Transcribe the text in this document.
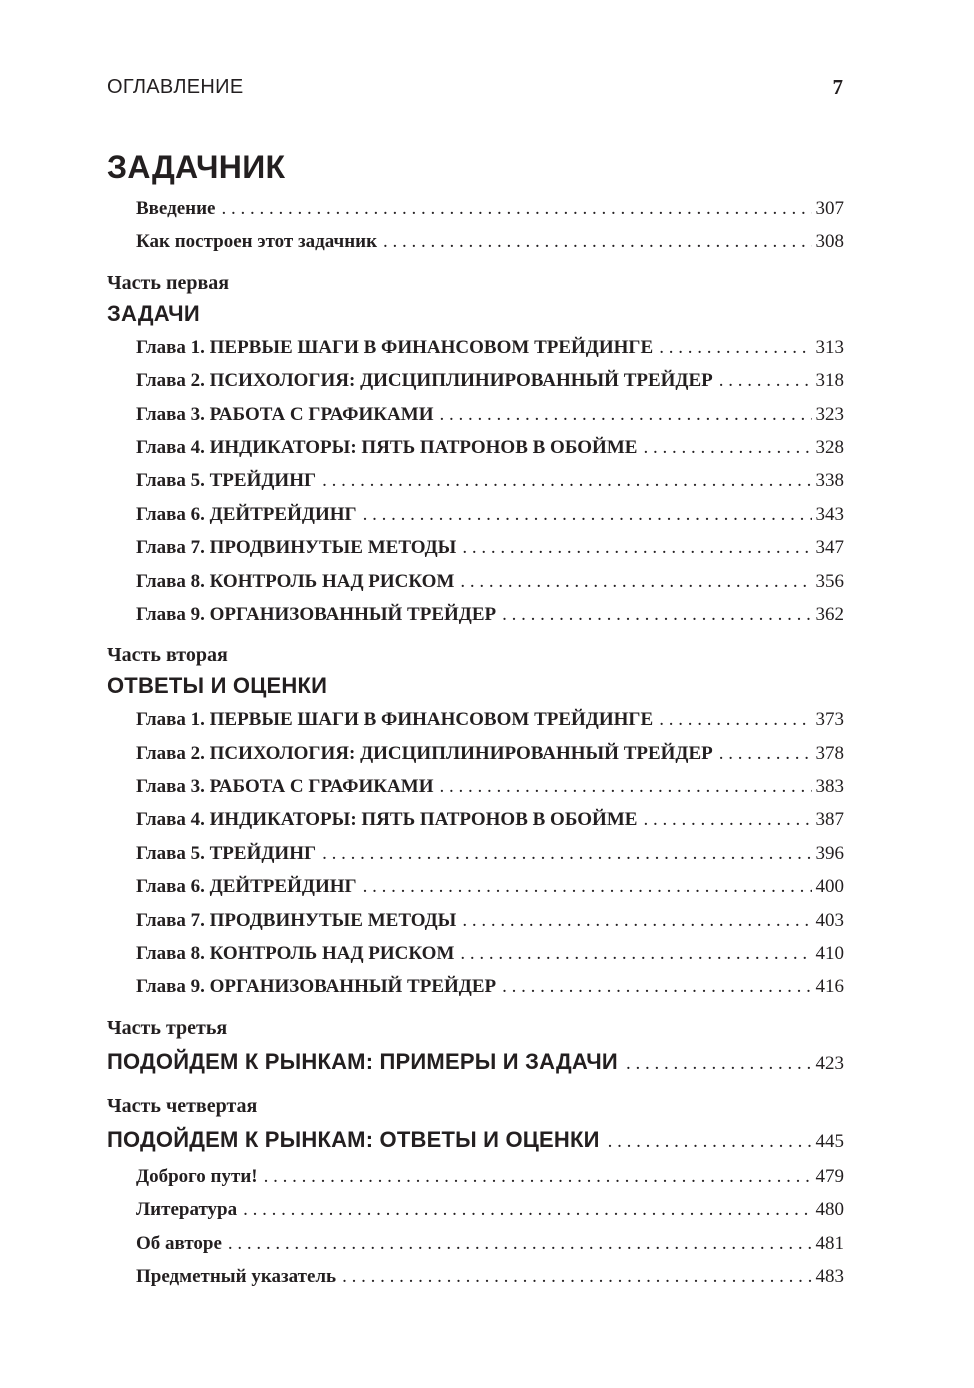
ОГЛАВЛЕНИЕ	7
ЗАДАЧНИК
Введение . . .	307
Как построен этот задачник . . .	308
Часть первая
ЗАДАЧИ
Глава 1. ПЕРВЫЕ ШАГИ В ФИНАНСОВОМ ТРЕЙДИНГЕ . . .	313
Глава 2. ПСИХОЛОГИЯ: ДИСЦИПЛИНИРОВАННЫЙ ТРЕЙДЕР . . .	318
Глава 3. РАБОТА С ГРАФИКАМИ . . .	323
Глава 4. ИНДИКАТОРЫ: ПЯТЬ ПАТРОНОВ В ОБОЙМЕ . . .	328
Глава 5. ТРЕЙДИНГ . . .	338
Глава 6. ДЕЙТРЕЙДИНГ . . .	343
Глава 7. ПРОДВИНУТЫЕ МЕТОДЫ . . .	347
Глава 8. КОНТРОЛЬ НАД РИСКОМ . . .	356
Глава 9. ОРГАНИЗОВАННЫЙ ТРЕЙДЕР . . .	362
Часть вторая
ОТВЕТЫ И ОЦЕНКИ
Глава 1. ПЕРВЫЕ ШАГИ В ФИНАНСОВОМ ТРЕЙДИНГЕ . . .	373
Глава 2. ПСИХОЛОГИЯ: ДИСЦИПЛИНИРОВАННЫЙ ТРЕЙДЕР . . .	378
Глава 3. РАБОТА С ГРАФИКАМИ . . .	383
Глава 4. ИНДИКАТОРЫ: ПЯТЬ ПАТРОНОВ В ОБОЙМЕ . . .	387
Глава 5. ТРЕЙДИНГ . . .	396
Глава 6. ДЕЙТРЕЙДИНГ . . .	400
Глава 7. ПРОДВИНУТЫЕ МЕТОДЫ . . .	403
Глава 8. КОНТРОЛЬ НАД РИСКОМ . . .	410
Глава 9. ОРГАНИЗОВАННЫЙ ТРЕЙДЕР . . .	416
Часть третья
ПОДОЙДЕМ К РЫНКАМ: ПРИМЕРЫ И ЗАДАЧИ . . .	423
Часть четвертая
ПОДОЙДЕМ К РЫНКАМ: ОТВЕТЫ И ОЦЕНКИ . . .	445
Доброго пути! . . .	479
Литература . . .	480
Об авторе . . .	481
Предметный указатель . . .	483
